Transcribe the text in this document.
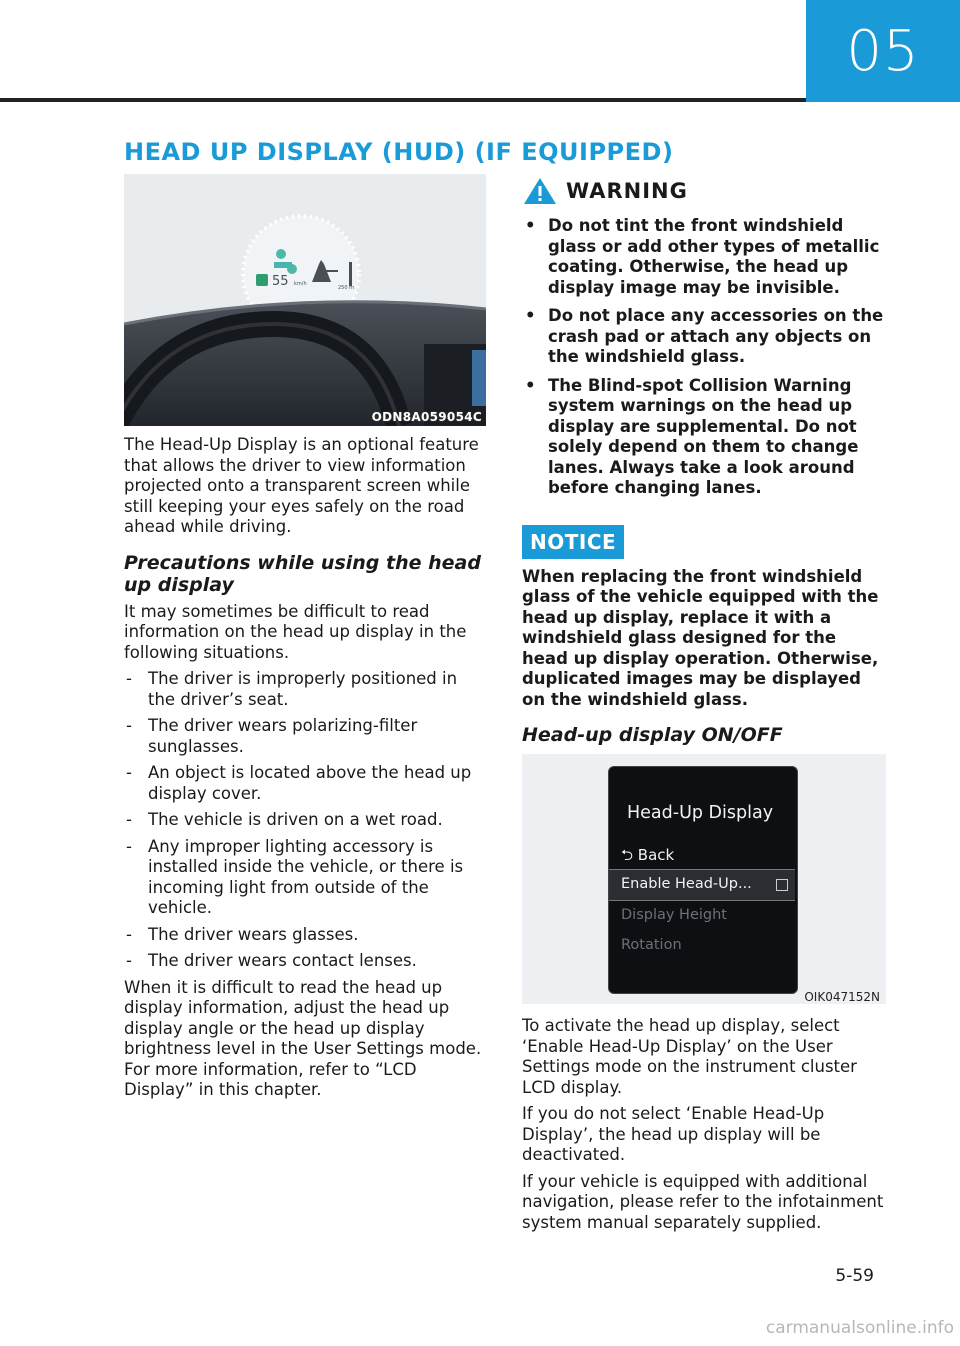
05
HEAD UP DISPLAY (HUD) (IF EQUIPPED)
55 km/h
250 m
ODN8A059054C

The Head-Up Display is an optional feature that allows the driver to view information projected onto a transparent screen while still keeping your eyes safely on the road ahead while driving.

Precautions while using the head up display

It may sometimes be difficult to read information on the head up display in the following situations.

- The driver is improperly positioned in the driver’s seat.
- The driver wears polarizing-filter sunglasses.
- An object is located above the head up display cover.
- The vehicle is driven on a wet road.
- Any improper lighting accessory is installed inside the vehicle, or there is incoming light from outside of the vehicle.
- The driver wears glasses.
- The driver wears contact lenses.

When it is difficult to read the head up display information, adjust the head up display angle or the head up display brightness level in the User Settings mode. For more information, refer to “LCD Display” in this chapter.

WARNING
• Do not tint the front windshield glass or add other types of metallic coating. Otherwise, the head up display image may be invisible.
• Do not place any accessories on the crash pad or attach any objects on the windshield glass.
• The Blind-spot Collision Warning system warnings on the head up display are supplemental. Do not solely depend on them to change lanes. Always take a look around before changing lanes.
NOTICE

When replacing the front windshield glass of the vehicle equipped with the head up display, replace it with a windshield glass designed for the head up display operation. Otherwise, duplicated images may be displayed on the windshield glass.

Head-up display ON/OFF

Head-Up Display
⮌ Back
Enable Head-Up...
Display Height
Rotation
OIK047152N

To activate the head up display, select ‘Enable Head-Up Display’ on the User Settings mode on the instrument cluster LCD display.

If you do not select ‘Enable Head-Up Display’, the head up display will be deactivated.

If your vehicle is equipped with additional navigation, please refer to the infotainment system manual separately supplied.

5-59
carmanualsonline.info
